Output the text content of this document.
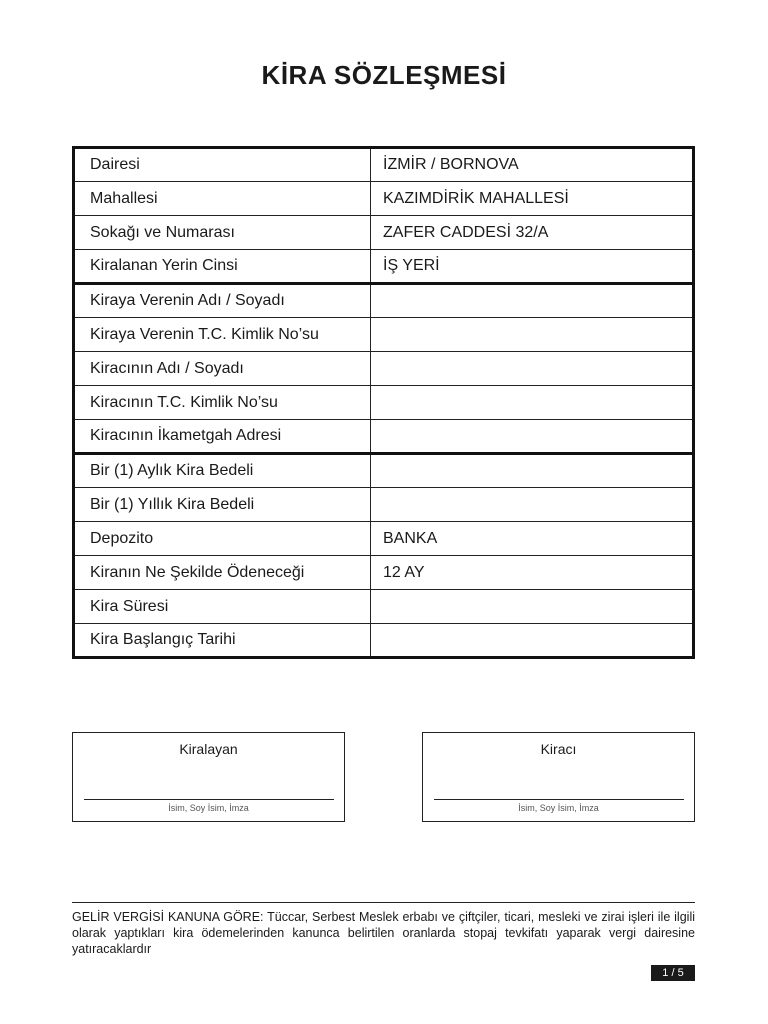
KİRA SÖZLEŞMESİ
Dairesi	İZMİR / BORNOVA
Mahallesi	KAZIMDİRİK MAHALLESİ
Sokağı ve Numarası	ZAFER CADDESİ 32/A
Kiralanan Yerin Cinsi	İŞ YERİ
Kiraya Verenin Adı / Soyadı	
Kiraya Verenin T.C. Kimlik No’su	
Kiracının Adı / Soyadı	
Kiracının T.C. Kimlik No’su	
Kiracının İkametgah Adresi	
Bir (1) Aylık Kira Bedeli	
Bir (1) Yıllık Kira Bedeli	
Depozito	BANKA
Kiranın Ne Şekilde Ödeneceği	12 AY
Kira Süresi	
Kira Başlangıç Tarihi	
Kiralayan
İsim, Soy İsim, İmza
Kiracı
İsim, Soy İsim, İmza
GELİR VERGİSİ KANUNA GÖRE: Tüccar, Serbest Meslek erbabı ve çiftçiler, ticari, mesleki ve zirai işleri ile ilgili olarak yaptıkları kira ödemelerinden kanunca belirtilen oranlarda stopaj tevkifatı yaparak vergi dairesine yatıracaklardır
1 / 5
